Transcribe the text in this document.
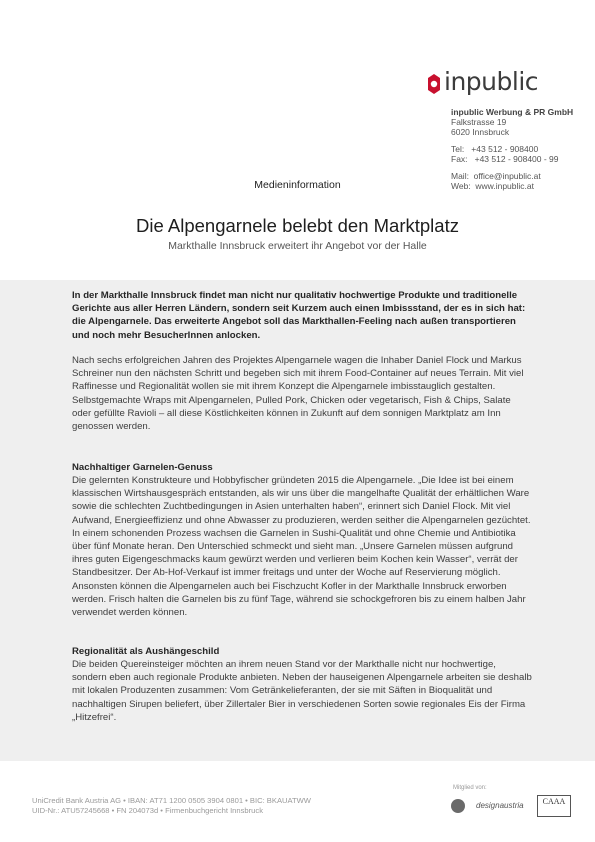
inpublic
inpublic Werbung & PR GmbH
Falkstrasse 19
6020 Innsbruck
Tel:   +43 512 - 908400
Fax:   +43 512 - 908400 - 99
Mail:  office@inpublic.at
Web:  www.inpublic.at
Medieninformation
Die Alpengarnele belebt den Marktplatz
Markthalle Innsbruck erweitert ihr Angebot vor der Halle
In der Markthalle Innsbruck findet man nicht nur qualitativ hochwertige Produkte und traditionelle Gerichte aus aller Herren Ländern, sondern seit Kurzem auch einen Imbissstand, der es in sich hat: die Alpengarnele. Das erweiterte Angebot soll das Markthallen-Feeling nach außen transportieren und noch mehr BesucherInnen anlocken.
Nach sechs erfolgreichen Jahren des Projektes Alpengarnele wagen die Inhaber Daniel Flock und Markus Schreiner nun den nächsten Schritt und begeben sich mit ihrem Food-Container auf neues Terrain. Mit viel Raffinesse und Regionalität wollen sie mit ihrem Konzept die Alpengarnele imbisstauglich gestalten. Selbstgemachte Wraps mit Alpengarnelen, Pulled Pork, Chicken oder vegetarisch, Fish & Chips, Salate oder gefüllte Ravioli – all diese Köstlichkeiten können in Zukunft auf dem sonnigen Marktplatz am Inn genossen werden.
Nachhaltiger Garnelen-Genuss
Die gelernten Konstrukteure und Hobbyfischer gründeten 2015 die Alpengarnele. „Die Idee ist bei einem klassischen Wirtshausgespräch entstanden, als wir uns über die mangelhafte Qualität der erhältlichen Ware sowie die schlechten Zuchtbedingungen in Asien unterhalten haben“, erinnert sich Daniel Flock. Mit viel Aufwand, Energieeffizienz und ohne Abwasser zu produzieren, werden seither die Alpengarnelen gezüchtet. In einem schonenden Prozess wachsen die Garnelen in Sushi-Qualität und ohne Chemie und Antibiotika über fünf Monate heran. Den Unterschied schmeckt und sieht man. „Unsere Garnelen müssen aufgrund ihres guten Eigengeschmacks kaum gewürzt werden und verlieren beim Kochen kein Wasser“, verrät der Standbesitzer. Der Ab-Hof-Verkauf ist immer freitags und unter der Woche auf Reservierung möglich. Ansonsten können die Alpengarnelen auch bei Fischzucht Kofler in der Markthalle Innsbruck erworben werden. Frisch halten die Garnelen bis zu fünf Tage, während sie schockgefroren bis zu einem halben Jahr verwendet werden können.
Regionalität als Aushängeschild
Die beiden Quereinsteiger möchten an ihrem neuen Stand vor der Markthalle nicht nur hochwertige, sondern eben auch regionale Produkte anbieten. Neben der hauseigenen Alpengarnele arbeiten sie deshalb mit lokalen Produzenten zusammen: Vom Getränkelieferanten, der sie mit Säften in Bioqualität und nachhaltigen Sirupen beliefert, über Zillertaler Bier in verschiedenen Sorten sowie regionales Eis der Firma „Hitzefrei“.
UniCredit Bank Austria AG • IBAN: AT71 1200 0505 3904 0801 • BIC: BKAUATWW
UID-Nr.: ATU57245668 • FN 204073d • Firmenbuchgericht Innsbruck
Mitglied von:
designaustria	CAAA
